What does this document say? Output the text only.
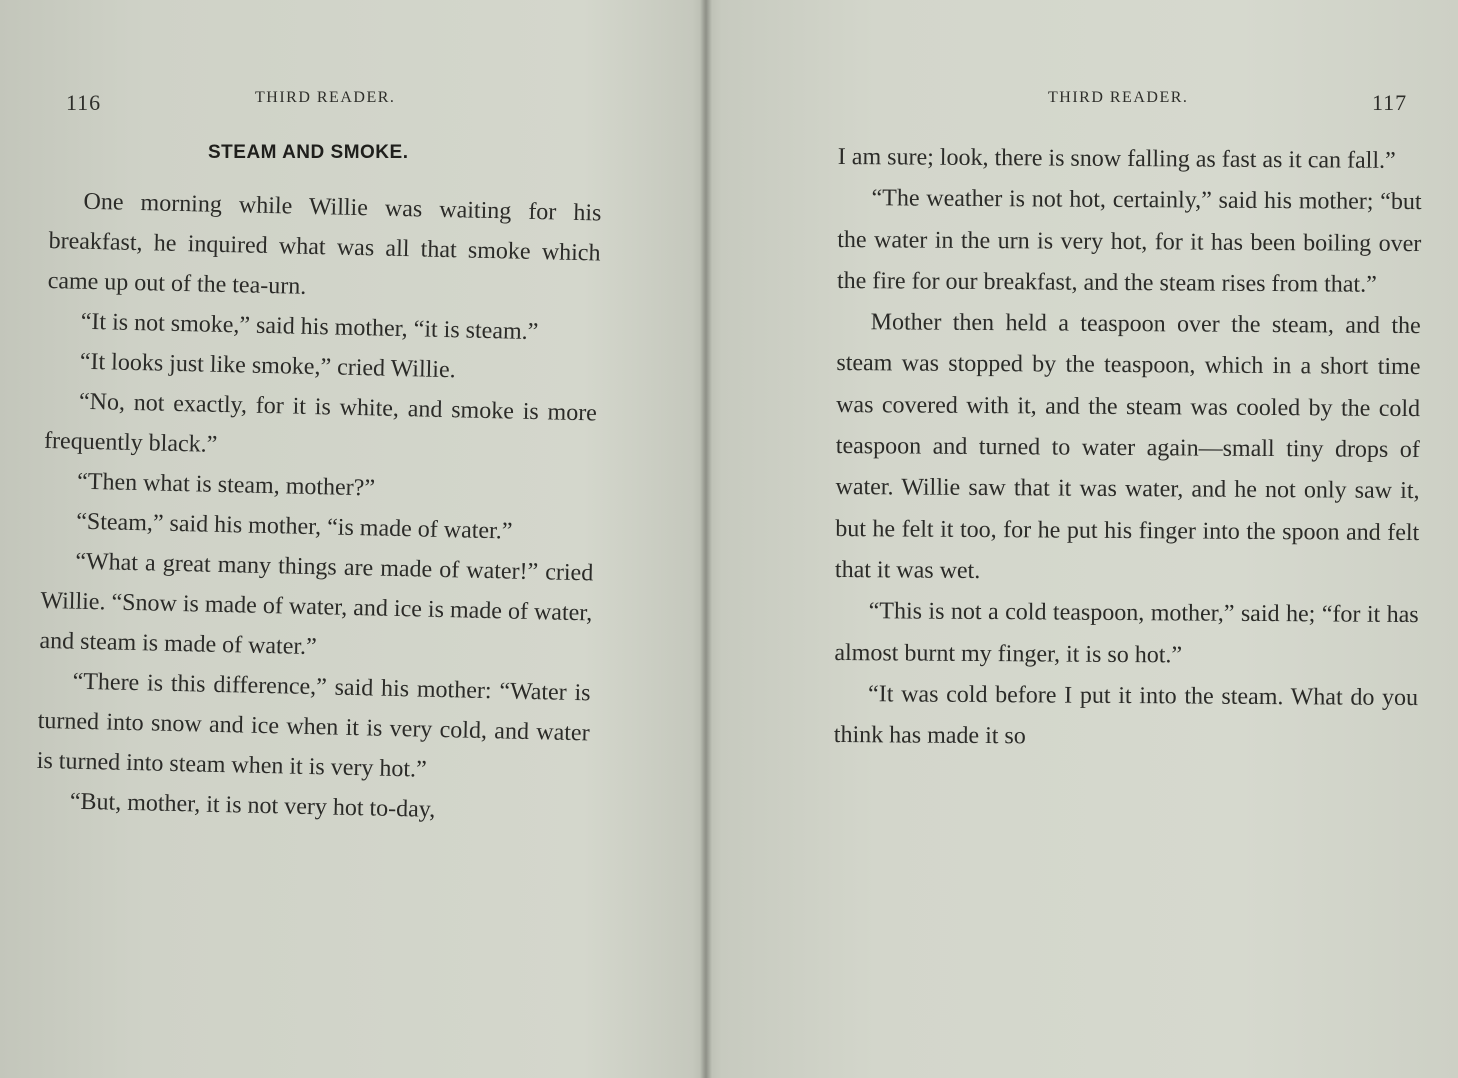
116	THIRD READER.
STEAM AND SMOKE.

One morning while Willie was waiting for his breakfast, he inquired what was all that smoke which came up out of the tea-urn.

“It is not smoke,” said his mother, “it is steam.”

“It looks just like smoke,” cried Willie.

“No, not exactly, for it is white, and smoke is more frequently black.”

“Then what is steam, mother?”

“Steam,” said his mother, “is made of water.”

“What a great many things are made of water!” cried Willie. “Snow is made of water, and ice is made of water, and steam is made of water.”

“There is this difference,” said his mother: “Water is turned into snow and ice when it is very cold, and water is turned into steam when it is very hot.”

“But, mother, it is not very hot to-day,

THIRD READER.	117

I am sure; look, there is snow falling as fast as it can fall.”

“The weather is not hot, certainly,” said his mother; “but the water in the urn is very hot, for it has been boiling over the fire for our breakfast, and the steam rises from that.”

Mother then held a teaspoon over the steam, and the steam was stopped by the teaspoon, which in a short time was covered with it, and the steam was cooled by the cold teaspoon and turned to water again—small tiny drops of water. Willie saw that it was water, and he not only saw it, but he felt it too, for he put his finger into the spoon and felt that it was wet.

“This is not a cold teaspoon, mother,” said he; “for it has almost burnt my finger, it is so hot.”

“It was cold before I put it into the steam. What do you think has made it so
